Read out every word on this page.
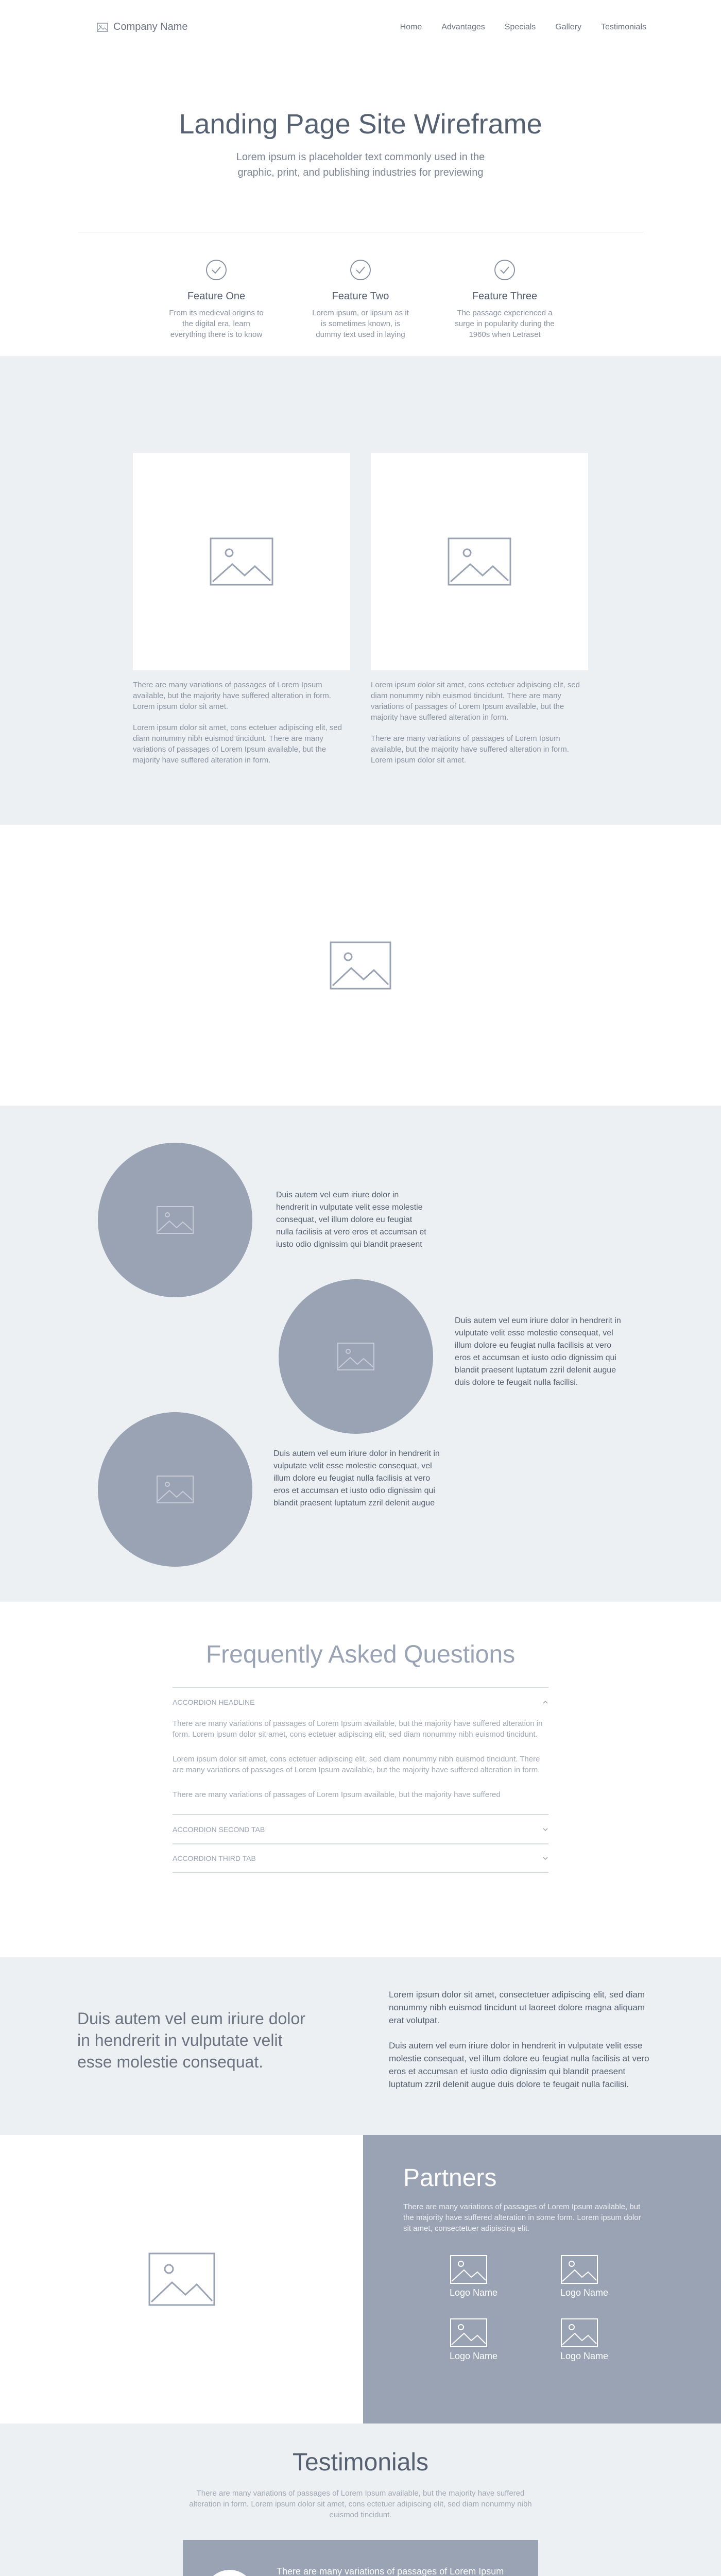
Company Name	Home Advantages Specials Gallery Testimonials
Landing Page Site Wireframe

Lorem ipsum is placeholder text commonly used in the graphic, print, and publishing industries for previewing

Feature One

From its medieval origins to the digital era, learn everything there is to know

Feature Two

Lorem ipsum, or lipsum as it is sometimes known, is dummy text used in laying

Feature Three

The passage experienced a surge in popularity during the 1960s when Letraset

There are many variations of passages of Lorem Ipsum available, but the majority have suffered alteration in form. Lorem ipsum dolor sit amet.

Lorem ipsum dolor sit amet, cons ectetuer adipiscing elit, sed diam nonummy nibh euismod tincidunt. There are many variations of passages of Lorem Ipsum available, but the majority have suffered alteration in form.

Lorem ipsum dolor sit amet, cons ectetuer adipiscing elit, sed diam nonummy nibh euismod tincidunt. There are many variations of passages of Lorem Ipsum available, but the majority have suffered alteration in form.

There are many variations of passages of Lorem Ipsum available, but the majority have suffered alteration in form. Lorem ipsum dolor sit amet.

Duis autem vel eum iriure dolor in hendrerit in vulputate velit esse molestie consequat, vel illum dolore eu feugiat nulla facilisis at vero eros et accumsan et iusto odio dignissim qui blandit praesent

Duis autem vel eum iriure dolor in hendrerit in vulputate velit esse molestie consequat, vel illum dolore eu feugiat nulla facilisis at vero eros et accumsan et iusto odio dignissim qui blandit praesent luptatum zzril delenit augue duis dolore te feugait nulla facilisi.

Duis autem vel eum iriure dolor in hendrerit in vulputate velit esse molestie consequat, vel illum dolore eu feugiat nulla facilisis at vero eros et accumsan et iusto odio dignissim qui blandit praesent luptatum zzril delenit augue

Frequently Asked Questions
ACCORDION HEADLINE

There are many variations of passages of Lorem Ipsum available, but the majority have suffered alteration in form. Lorem ipsum dolor sit amet, cons ectetuer adipiscing elit, sed diam nonummy nibh euismod tincidunt.

Lorem ipsum dolor sit amet, cons ectetuer adipiscing elit, sed diam nonummy nibh euismod tincidunt. There are many variations of passages of Lorem Ipsum available, but the majority have suffered alteration in form.

There are many variations of passages of Lorem Ipsum available, but the majority have suffered

ACCORDION SECOND TAB
ACCORDION THIRD TAB
Duis autem vel eum iriure dolor in hendrerit in vulputate velit esse molestie consequat.

Lorem ipsum dolor sit amet, consectetuer adipiscing elit, sed diam nonummy nibh euismod tincidunt ut laoreet dolore magna aliquam erat volutpat.

Duis autem vel eum iriure dolor in hendrerit in vulputate velit esse molestie consequat, vel illum dolore eu feugiat nulla facilisis at vero eros et accumsan et iusto odio dignissim qui blandit praesent luptatum zzril delenit augue duis dolore te feugait nulla facilisi.

Partners

There are many variations of passages of Lorem Ipsum available, but the majority have suffered alteration in some form. Lorem ipsum dolor sit amet, consectetuer adipiscing elit.

Logo Name	Logo Name
Logo Name	Logo Name
Testimonials

There are many variations of passages of Lorem Ipsum available, but the majority have suffered alteration in form. Lorem ipsum dolor sit amet, cons ectetuer adipiscing elit, sed diam nonummy nibh euismod tincidunt.

There are many variations of passages of Lorem Ipsum
